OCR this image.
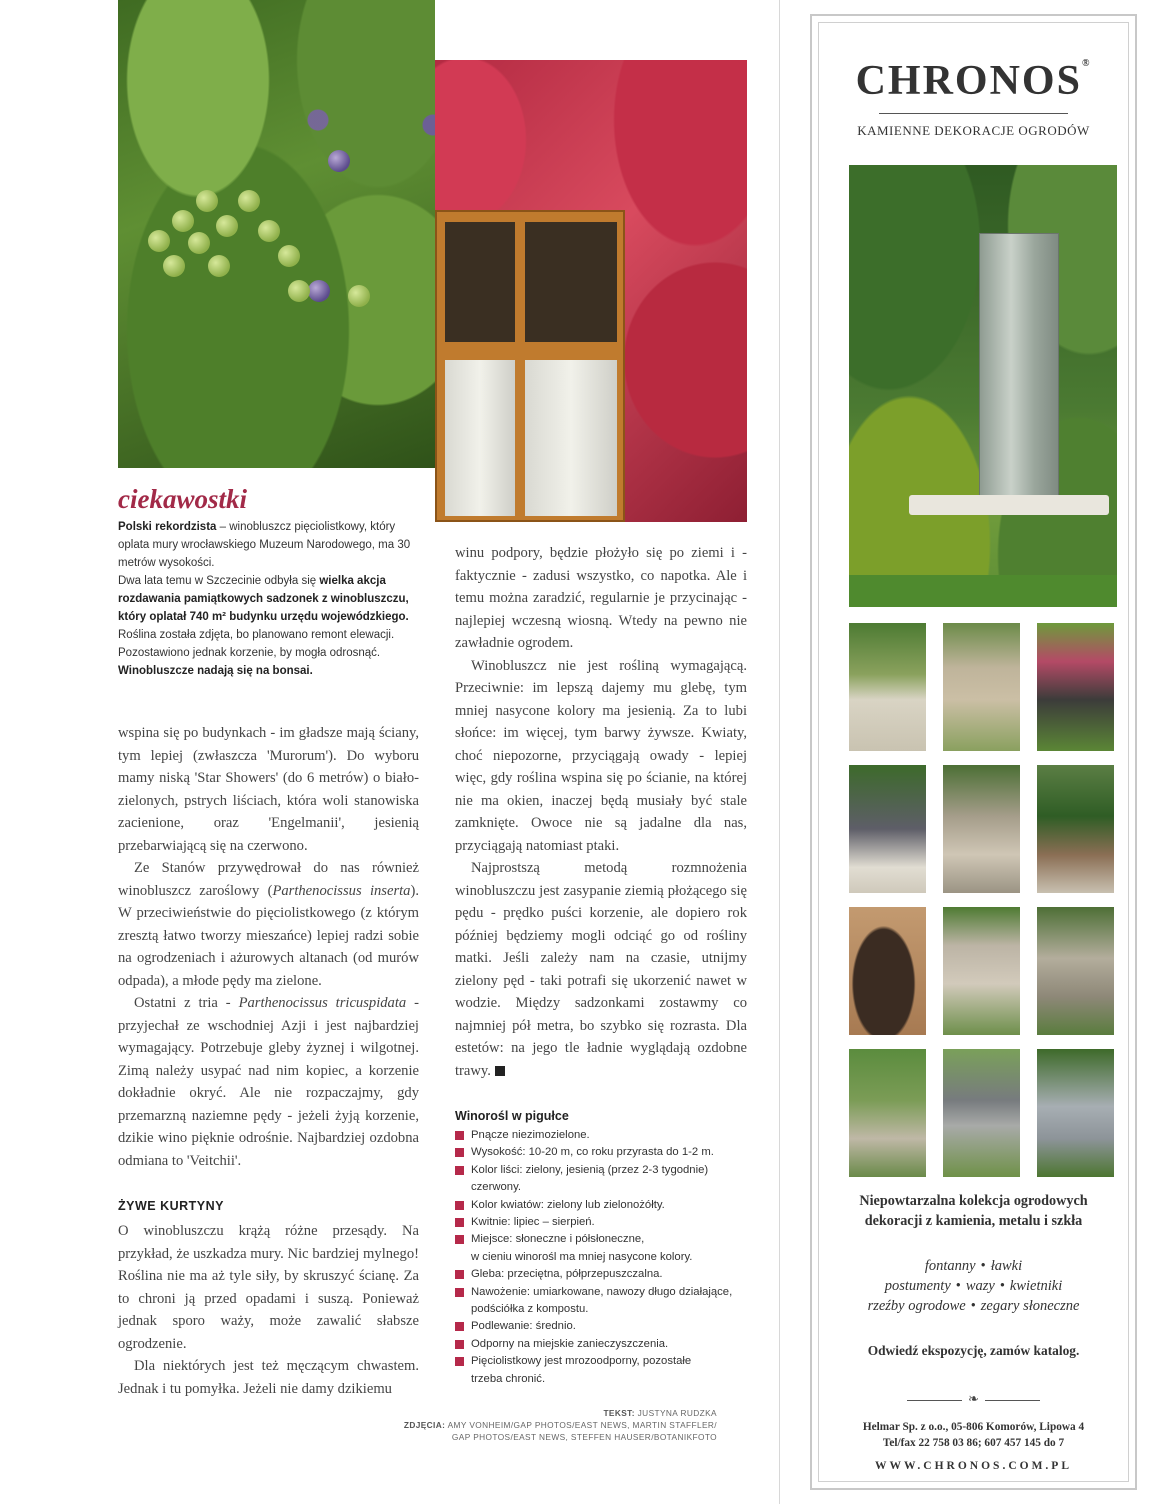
ciekawostki

Polski rekordzista – winobluszcz pięciolistkowy, który oplata mury wrocławskiego Muzeum Narodowego, ma 30 metrów wysokości.

Dwa lata temu w Szczecinie odbyła się wielka akcja rozdawania pamiątkowych sadzonek z winobluszczu, który oplatał 740 m² budynku urzędu wojewódzkiego. Roślina została zdjęta, bo planowano remont elewacji. Pozostawiono jednak korzenie, by mogła odrosnąć.

Winobluszcze nadają się na bonsai.

wspina się po budynkach - im gładsze mają ściany, tym lepiej (zwłaszcza 'Murorum'). Do wyboru mamy niską 'Star Showers' (do 6 metrów) o biało-zielonych, pstrych liściach, która woli stanowiska zacienione, oraz 'Engelmanii', jesienią przebarwiającą się na czerwono.

Ze Stanów przywędrował do nas również winobluszcz zaroślowy (Parthenocissus inserta). W przeciwieństwie do pięciolistkowego (z którym zresztą łatwo tworzy mieszańce) lepiej radzi sobie na ogrodzeniach i ażurowych altanach (od murów odpada), a młode pędy ma zielone.

Ostatni z tria - Parthenocissus tricuspidata - przyjechał ze wschodniej Azji i jest najbardziej wymagający. Potrzebuje gleby żyznej i wilgotnej. Zimą należy usypać nad nim kopiec, a korzenie dokładnie okryć. Ale nie rozpaczajmy, gdy przemarzną naziemne pędy - jeżeli żyją korzenie, dzikie wino pięknie odrośnie. Najbardziej ozdobna odmiana to 'Veitchii'.

ŻYWE KURTYNY

O winobluszczu krążą różne przesądy. Na przykład, że uszkadza mury. Nic bardziej mylnego! Roślina nie ma aż tyle siły, by skruszyć ścianę. Za to chroni ją przed opadami i suszą. Ponieważ jednak sporo waży, może zawalić słabsze ogrodzenie.

Dla niektórych jest też męczącym chwastem. Jednak i tu pomyłka. Jeżeli nie damy dzikiemu

winu podpory, będzie płożyło się po ziemi i - faktycznie - zadusi wszystko, co napotka. Ale i temu można zaradzić, regularnie je przycinając - najlepiej wczesną wiosną. Wtedy na pewno nie zawładnie ogrodem.

Winobluszcz nie jest rośliną wymagającą. Przeciwnie: im lepszą dajemy mu glebę, tym mniej nasycone kolory ma jesienią. Za to lubi słońce: im więcej, tym barwy żywsze. Kwiaty, choć niepozorne, przyciągają owady - lepiej więc, gdy roślina wspina się po ścianie, na której nie ma okien, inaczej będą musiały być stale zamknięte. Owoce nie są jadalne dla nas, przyciągają natomiast ptaki.

Najprostszą metodą rozmnożenia winobluszczu jest zasypanie ziemią płożącego się pędu - prędko puści korzenie, ale dopiero rok później będziemy mogli odciąć go od rośliny matki. Jeśli zależy nam na czasie, utnijmy zielony pęd - taki potrafi się ukorzenić nawet w wodzie. Między sadzonkami zostawmy co najmniej pół metra, bo szybko się rozrasta. Dla estetów: na jego tle ładnie wyglądają ozdobne trawy.

Winorośl w pigułce
Pnącze niezimozielone.
Wysokość: 10-20 m, co roku przyrasta do 1-2 m.
Kolor liści: zielony, jesienią (przez 2-3 tygodnie)
czerwony.
Kolor kwiatów: zielony lub zielonożółty.
Kwitnie: lipiec – sierpień.
Miejsce: słoneczne i półsłoneczne,
w cieniu winorośl ma mniej nasycone kolory.
Gleba: przeciętna, półprzepuszczalna.
Nawożenie: umiarkowane, nawozy długo działające,
podściółka z kompostu.
Podlewanie: średnio.
Odporny na miejskie zanieczyszczenia.
Pięciolistkowy jest mrozoodporny, pozostałe
trzeba chronić.

TEKST: JUSTYNA RUDZKA

ZDJĘCIA: AMY VONHEIM/GAP PHOTOS/EAST NEWS, MARTIN STAFFLER/

GAP PHOTOS/EAST NEWS, STEFFEN HAUSER/BOTANIKFOTO

CHRONOS®

KAMIENNE DEKORACJE OGRODÓW

Niepowtarzalna kolekcja ogrodowych
dekoracji z kamienia, metalu i szkła

fontanny • ławki
postumenty • wazy • kwietniki
rzeźby ogrodowe • zegary słoneczne

Odwiedź ekspozycję, zamów katalog.

❧

Helmar Sp. z o.o., 05-806 Komorów, Lipowa 4
Tel/fax 22 758 03 86; 607 457 145 do 7

WWW.CHRONOS.COM.PL
